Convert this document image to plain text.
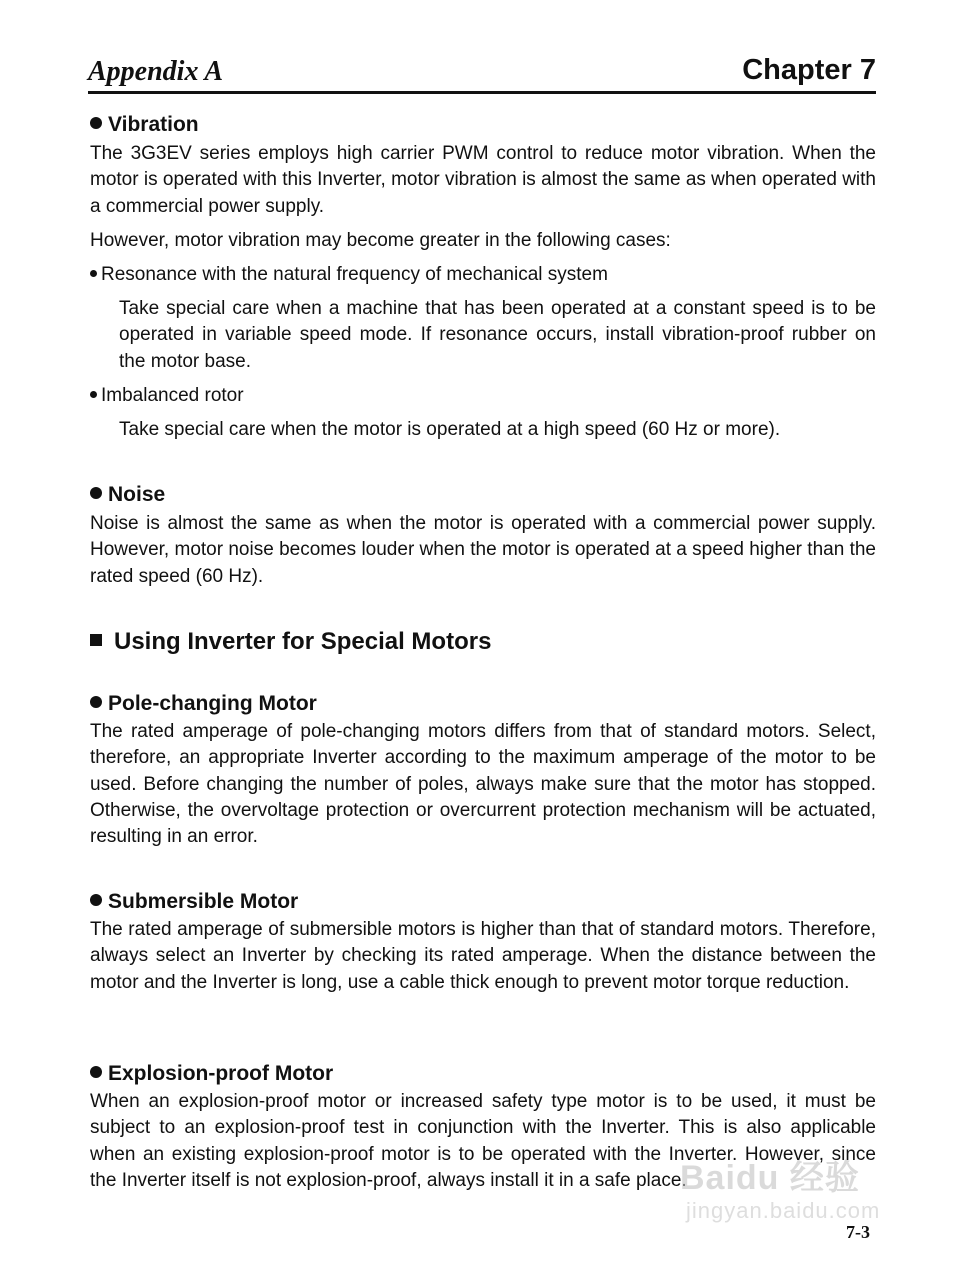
Appendix A	Chapter 7
Vibration

The 3G3EV series employs high carrier PWM control to reduce motor vibration. When the motor is operated with this Inverter, motor vibration is almost the same as when operated with a commercial power supply.

However, motor vibration may become greater in the following cases:

Resonance with the natural frequency of mechanical system

Take special care when a machine that has been operated at a constant speed is to be operated in variable speed mode. If resonance occurs, install vibration-proof rubber on the motor base.

Imbalanced rotor

Take special care when the motor is operated at a high speed (60 Hz or more).

Noise

Noise is almost the same as when the motor is operated with a commercial power supply. However, motor noise becomes louder when the motor is operated at a speed higher than the rated speed (60 Hz).

Using Inverter for Special Motors
Pole-changing Motor

The rated amperage of pole-changing motors differs from that of standard motors. Select, therefore, an appropriate Inverter according to the maximum amperage of the motor to be used. Before changing the number of poles, always make sure that the motor has stopped. Otherwise, the overvoltage protection or overcurrent protection mechanism will be actuated, resulting in an error.

Submersible Motor

The rated amperage of submersible motors is higher than that of standard motors. Therefore, always select an Inverter by checking its rated amperage. When the distance between the motor and the Inverter is long, use a cable thick enough to prevent motor torque reduction.

Explosion-proof Motor

When an explosion-proof motor or increased safety type motor is to be used, it must be subject to an explosion-proof test in conjunction with the Inverter. This is also applicable when an existing explosion-proof motor is to be operated with the Inverter. However, since the Inverter itself is not explosion-proof, always install it in a safe place.

Baidu 经验
jingyan.baidu.com
7-3
